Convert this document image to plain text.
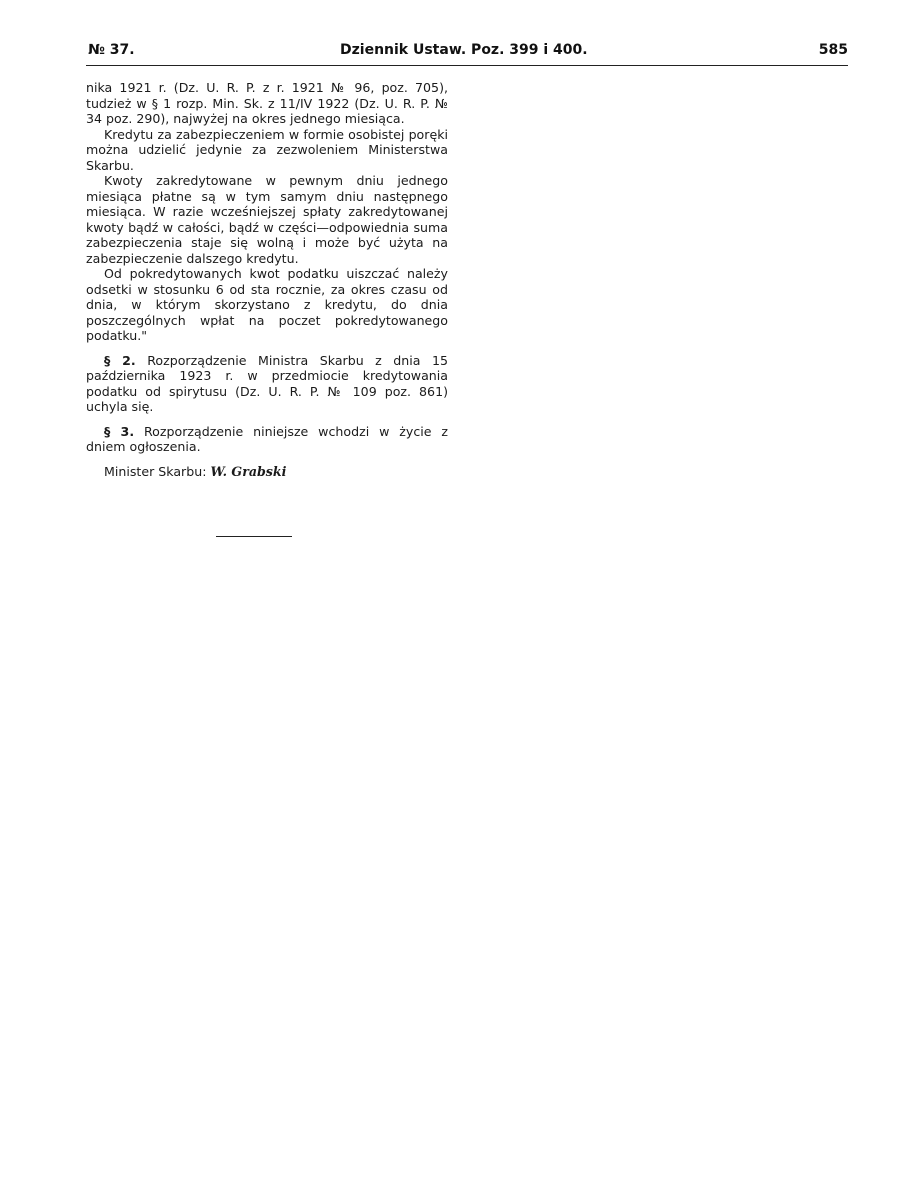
№ 37.	Dziennik Ustaw. Poz. 399 i 400.	585

nika 1921 r. (Dz. U. R. P. z r. 1921 № 96, poz. 705), tudzież w § 1 rozp. Min. Sk. z 11/IV 1922 (Dz. U. R. P. № 34 poz. 290), najwyżej na okres jednego miesiąca.

Kredytu za zabezpieczeniem w formie osobistej poręki można udzielić jedynie za zezwoleniem Ministerstwa Skarbu.

Kwoty zakredytowane w pewnym dniu jednego miesiąca płatne są w tym samym dniu następnego miesiąca. W razie wcześniejszej spłaty zakredytowanej kwoty bądź w całości, bądź w części—odpowiednia suma zabezpieczenia staje się wolną i może być użyta na zabezpieczenie dalszego kredytu.

Od pokredytowanych kwot podatku uiszczać należy odsetki w stosunku 6 od sta rocznie, za okres czasu od dnia, w którym skorzystano z kredytu, do dnia poszczególnych wpłat na poczet pokredytowanego podatku."

§ 2. Rozporządzenie Ministra Skarbu z dnia 15 października 1923 r. w przedmiocie kredytowania podatku od spirytusu (Dz. U. R. P. № 109 poz. 861) uchyla się.

§ 3. Rozporządzenie niniejsze wchodzi w życie z dniem ogłoszenia.

Minister Skarbu: W. Grabski
